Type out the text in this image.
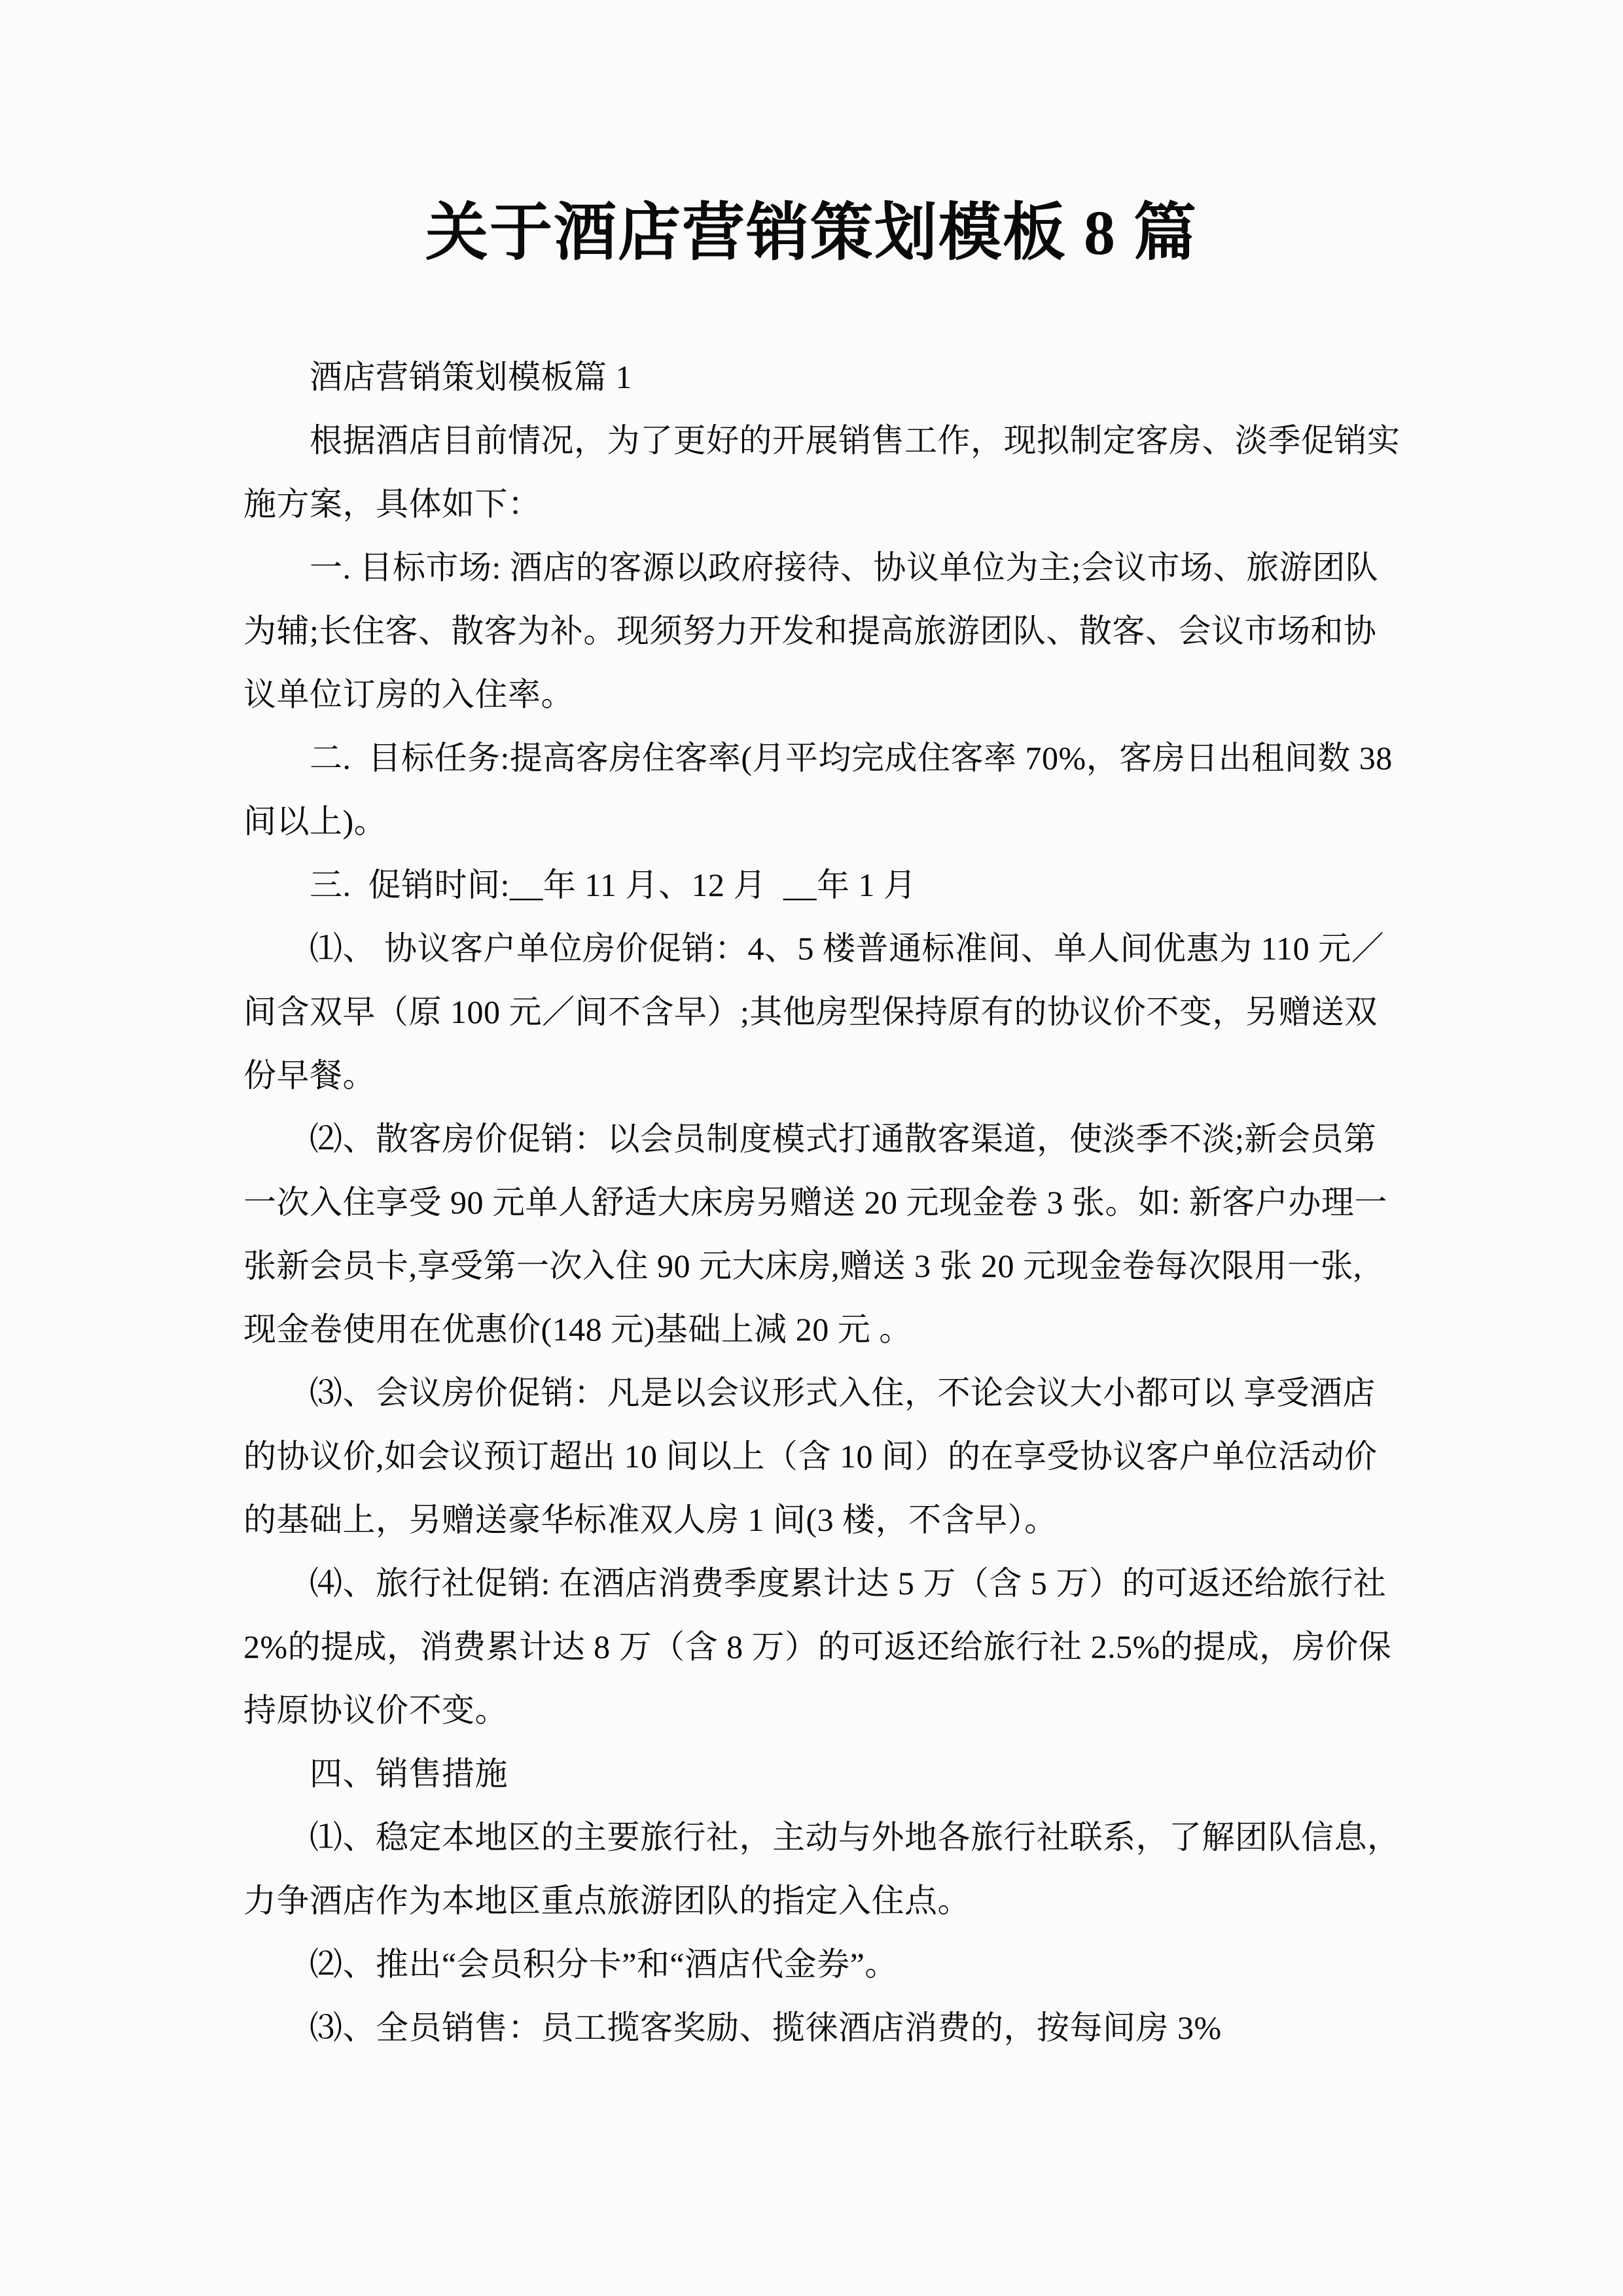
关于酒店营销策划模板 8 篇
酒店营销策划模板篇 1
根据酒店目前情况，为了更好的开展销售工作，现拟制定客房、淡季促销实
施方案，具体如下：
一. 目标市场: 酒店的客源以政府接待、协议单位为主;会议市场、旅游团队
为辅;长住客、散客为补。现须努力开发和提高旅游团队、散客、会议市场和协
议单位订房的入住率。
二.  目标任务:提高客房住客率(月平均完成住客率 70%，客房日出租间数 38
间以上)。
三.  促销时间:__年 11 月、12 月  __年 1 月
⑴、 协议客户单位房价促销：4、5 楼普通标准间、单人间优惠为 110 元／
间含双早（原 100 元／间不含早）;其他房型保持原有的协议价不变，另赠送双
份早餐。
⑵、散客房价促销：以会员制度模式打通散客渠道，使淡季不淡;新会员第
一次入住享受 90 元单人舒适大床房另赠送 20 元现金卷 3 张。如: 新客户办理一
张新会员卡,享受第一次入住 90 元大床房,赠送 3 张 20 元现金卷每次限用一张,
现金卷使用在优惠价(148 元)基础上减 20 元 。
⑶、会议房价促销：凡是以会议形式入住，不论会议大小都可以 享受酒店
的协议价,如会议预订超出 10 间以上（含 10 间）的在享受协议客户单位活动价
的基础上，另赠送豪华标准双人房 1 间(3 楼，不含早）。
⑷、旅行社促销: 在酒店消费季度累计达 5 万（含 5 万）的可返还给旅行社
2%的提成，消费累计达 8 万（含 8 万）的可返还给旅行社 2.5%的提成，房价保
持原协议价不变。
四、销售措施
⑴、稳定本地区的主要旅行社，主动与外地各旅行社联系，了解团队信息，
力争酒店作为本地区重点旅游团队的指定入住点。
⑵、推出“会员积分卡”和“酒店代金券”。
⑶、全员销售：员工揽客奖励、揽徕酒店消费的，按每间房 3%
